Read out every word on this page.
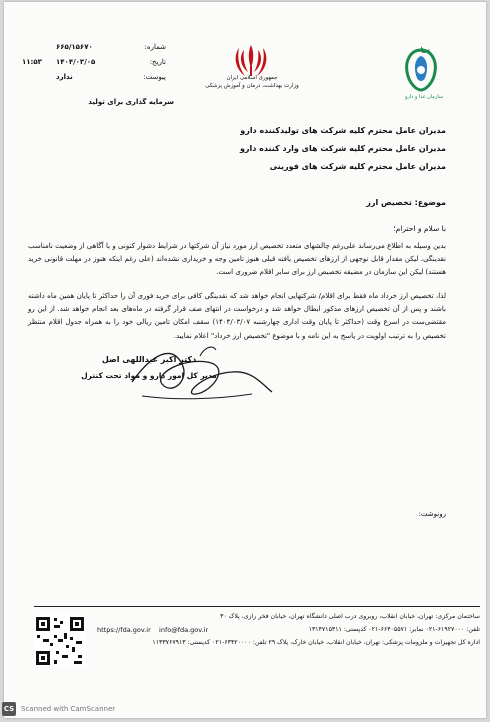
شماره:
۶۶۵/۱۵۶۷۰
تاریخ:
۱۴۰۴/۰۳/۰۵
پیوست:
ندارد
۱۱:۵۳
سرمایه گذاری برای تولید
جمهوری اسلامی ایران
وزارت بهداشت، درمان و آموزش پزشکی
سازمان غذا و دارو
مدیران عامل محترم کلیه شرکت های تولیدکننده دارو
مدیران عامل محترم کلیه شرکت های وارد کننده دارو
مدیران عامل محترم کلیه شرکت های فورینی
موضوع: تخصیص ارز
با سلام و احترام؛
بدین وسیله به اطلاع می‌رساند علی‌رغم چالشهای متعدد تخصیص ارز مورد نیاز آن شرکتها در شرایط دشوار کنونی و با آگاهی از وضعیت نامناسب نقدینگی، لیکن مقدار قابل توجهی از ارزهای تخصیص یافته قبلی هنوز تامین وجه و خریداری نشده‌اند (علی رغم اینکه هنوز در مهلت قانونی خرید هستند) لیکن این سازمان در مضیقه تخصیص ارز برای سایر اقلام ضروری است.
لذا، تخصیص ارز خرداد ماه فقط برای اقلام/ شرکتهایی انجام خواهد شد که نقدینگی کافی برای خرید فوری آن را حداکثر تا پایان همین ماه داشته باشند و پس از آن تخصیص ارزهای مذکور ابطال خواهد شد و درخواست در انتهای صف قرار گرفته در ماه‌های بعد انجام خواهد شد. از این رو مقتضی‌ست در اسرع وقت (حداکثر تا پایان وقت اداری چهارشنبه ۱۴۰۴/۰۳/۰۷) سقف امکان تامین ریالی خود را به همراه جدول اقلام منتظر تخصیص را به ترتیب اولویت در پاسخ به این نامه و با موضوع "تخصیص ارز خرداد" اعلام نمایید.
دکتر اکبر عبداللهی اصل
مدیر کل امور دارو و مواد تحت کنترل
رونوشت:
ساختمان مرکزی: تهران، خیابان انقلاب، روبروی درب اصلی دانشگاه تهران، خیابان فخر رازی، پلاک ۳۰
تلفن: ۶۱۹۲۷۰۰۰-۰۲۱ نمابر: ۶۶۴۰۵۵۷۱-۰۲۱ کدپستی: ۱۳۱۴۷۱۵۳۱۱
https://fda.gov.ir info@fda.gov.ir
اداره کل تجهیزات و ملزومات پزشکی: تهران، خیابان انقلاب، خیابان خارک، پلاک ۲۹ تلفن: ۶۳۴۲۰۰۰۰-۰۲۱ کدپستی: ۱۱۳۳۷۶۷۹۱۳
CS Scanned with CamScanner
